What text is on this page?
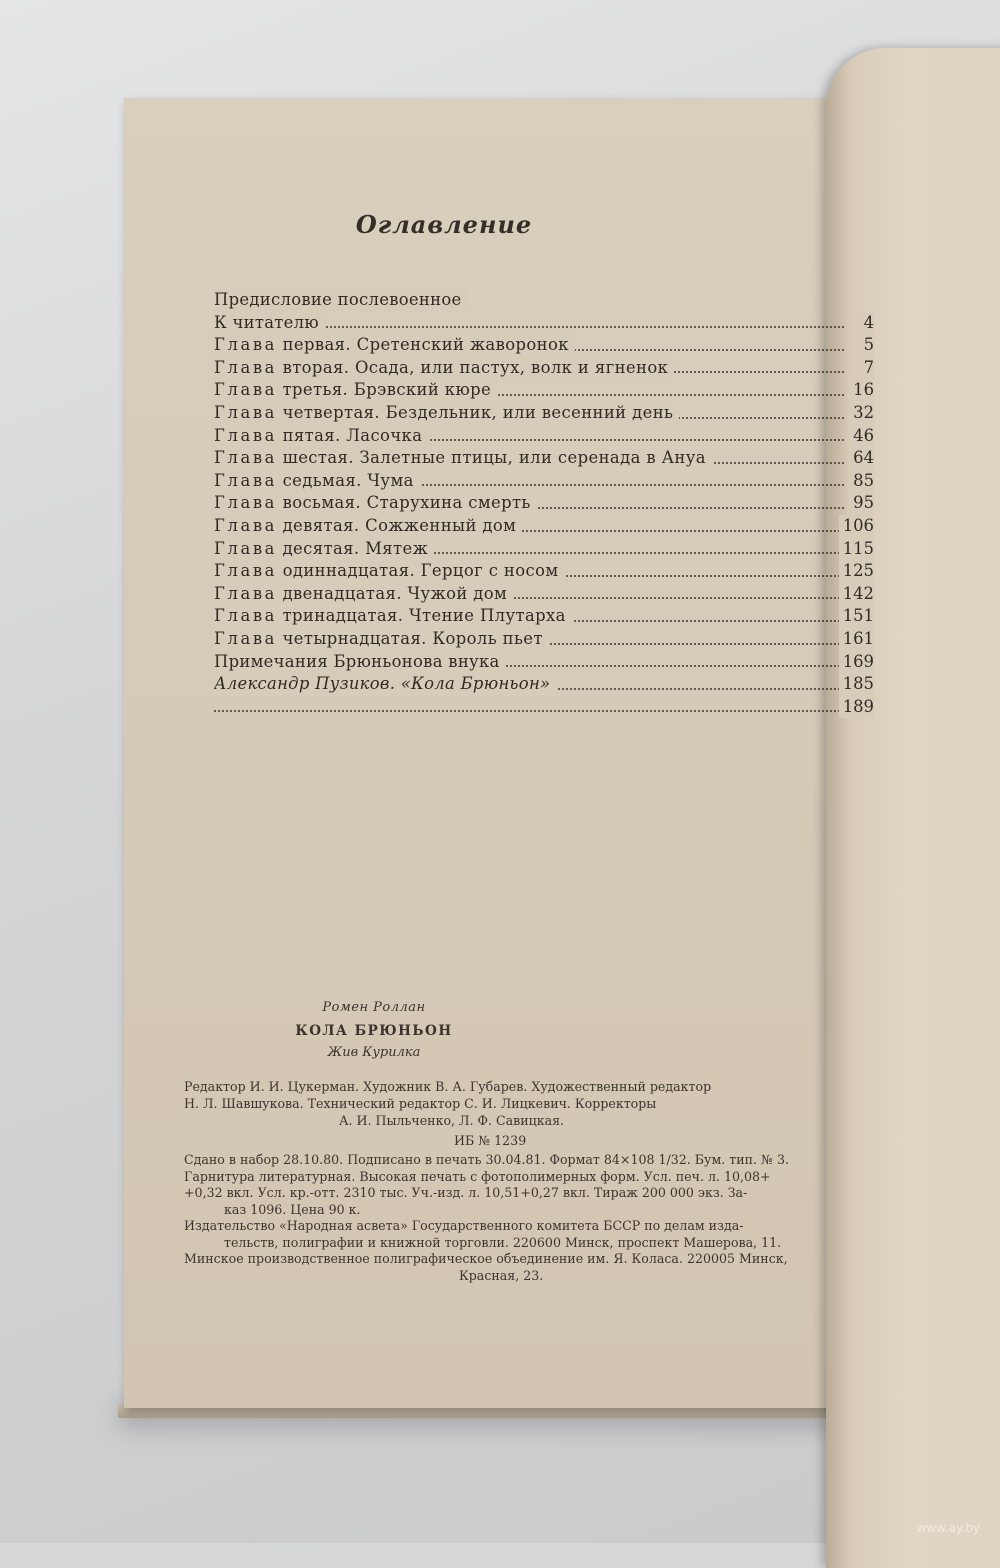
Оглавление
Предисловие послевоенное
К читателю	4
Глава первая. Сретенский жаворонок	5
Глава вторая. Осада, или пастух, волк и ягненок	7
Глава третья. Брэвский кюре	16
Глава четвертая. Бездельник, или весенний день	32
Глава пятая. Ласочка	46
Глава шестая. Залетные птицы, или серенада в Ануа	64
Глава седьмая. Чума	85
Глава восьмая. Старухина смерть	95
Глава девятая. Сожженный дом	106
Глава десятая. Мятеж	115
Глава одиннадцатая. Герцог с носом	125
Глава двенадцатая. Чужой дом	142
Глава тринадцатая. Чтение Плутарха	151
Глава четырнадцатая. Король пьет	161
Примечания Брюньонова внука	169
Александр Пузиков. «Кола Брюньон»	185
189
Ромен Роллан
КОЛА БРЮНЬОН
Жив Курилка
Редактор И. И. Цукерман. Художник В. А. Губарев. Художественный редактор
Н. Л. Шавшукова. Технический редактор С. И. Лицкевич. Корректоры
А. И. Пыльченко, Л. Ф. Савицкая.
ИБ № 1239
Сдано в набор 28.10.80. Подписано в печать 30.04.81. Формат 84×108 1/32. Бум. тип. № 3.
Гарнитура литературная. Высокая печать с фотополимерных форм. Усл. печ. л. 10,08+
+0,32 вкл. Усл. кр.-отт. 2310 тыс. Уч.-изд. л. 10,51+0,27 вкл. Тираж 200 000 экз. За-
каз 1096. Цена 90 к.
Издательство «Народная асвета» Государственного комитета БССР по делам изда-
тельств, полиграфии и книжной торговли. 220600 Минск, проспект Машерова, 11.
Минское производственное полиграфическое объединение им. Я. Коласа. 220005 Минск,
Красная, 23.
www.ay.by
